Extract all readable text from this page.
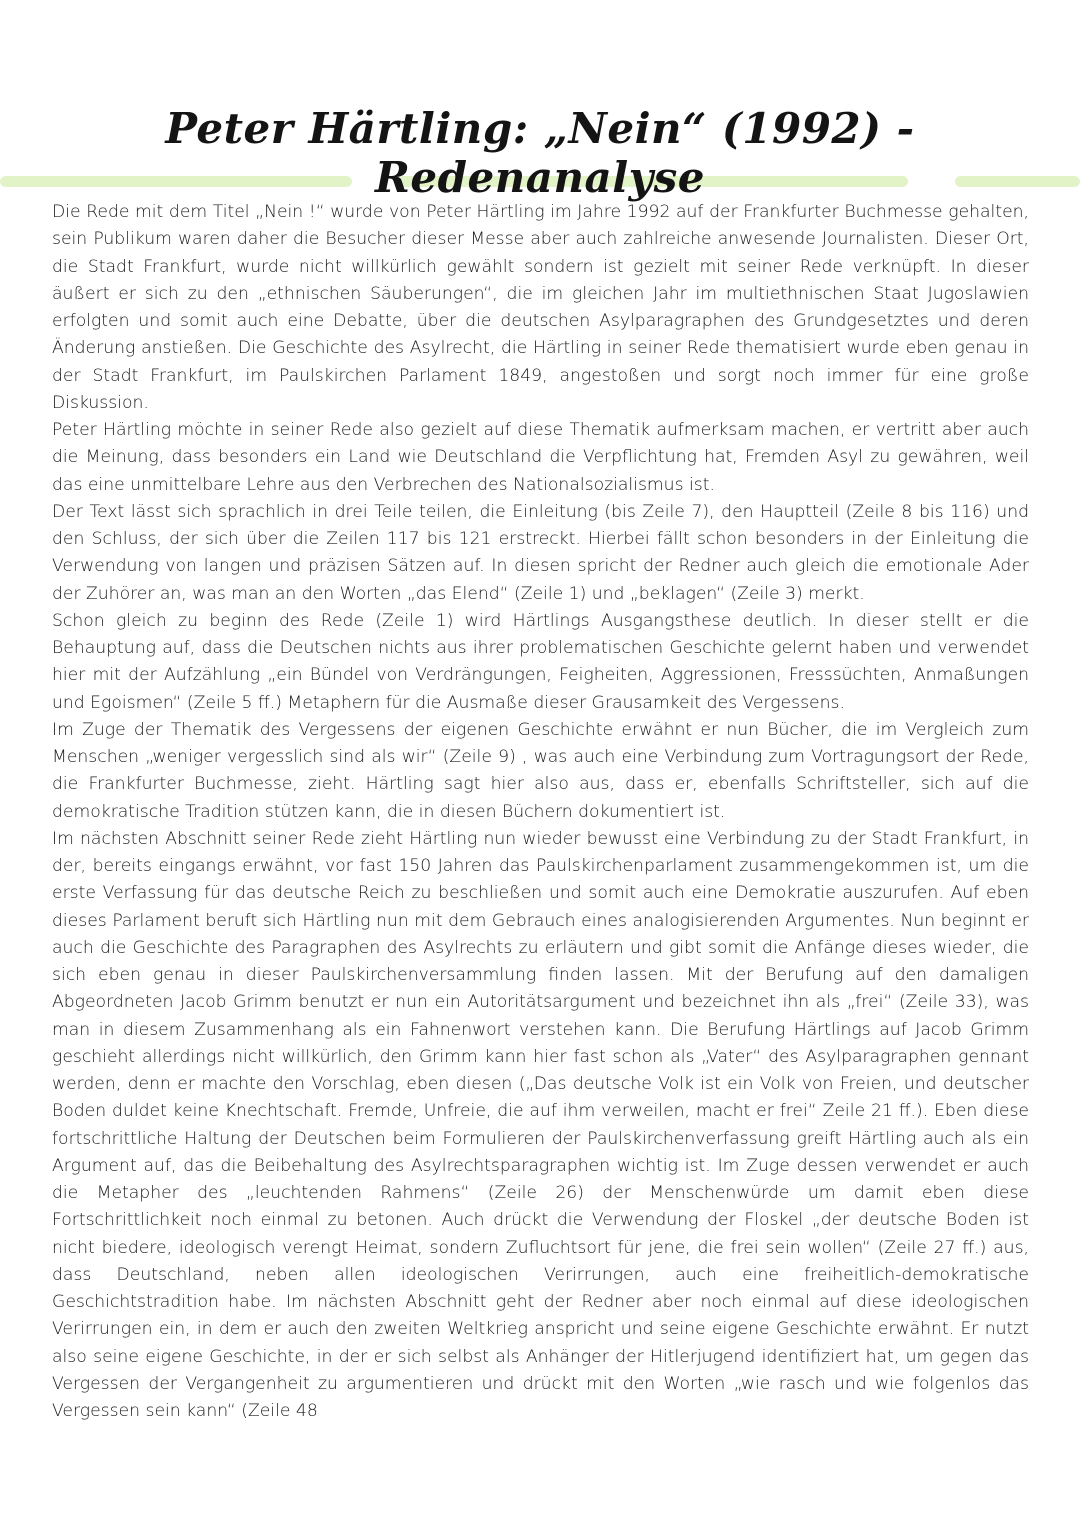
Peter Härtling: „Nein“ (1992) - Redenanalyse

Die Rede mit dem Titel „Nein !“ wurde von Peter Härtling im Jahre 1992 auf der Frankfurter Buchmesse gehalten, sein Publikum waren daher die Besucher dieser Messe aber auch zahlreiche anwesende Journalisten. Dieser Ort, die Stadt Frankfurt, wurde nicht willkürlich gewählt sondern ist gezielt mit seiner Rede verknüpft. In dieser äußert er sich zu den „ethnischen Säuberungen“, die im gleichen Jahr im multiethnischen Staat Jugoslawien erfolgten und somit auch eine Debatte, über die deutschen Asylparagraphen des Grundgesetztes und deren Änderung anstießen. Die Geschichte des Asylrecht, die Härtling in seiner Rede thematisiert wurde eben genau in der Stadt Frankfurt, im Paulskirchen Parlament 1849, angestoßen und sorgt noch immer für eine große Diskussion.

Peter Härtling möchte in seiner Rede also gezielt auf diese Thematik aufmerksam machen, er vertritt aber auch die Meinung, dass besonders ein Land wie Deutschland die Verpflichtung hat, Fremden Asyl zu gewähren, weil das eine unmittelbare Lehre aus den Verbrechen des Nationalsozialismus ist.

Der Text lässt sich sprachlich in drei Teile teilen, die Einleitung (bis Zeile 7), den Hauptteil (Zeile 8 bis 116) und den Schluss, der sich über die Zeilen 117 bis 121 erstreckt. Hierbei fällt schon besonders in der Einleitung die Verwendung von langen und präzisen Sätzen auf. In diesen spricht der Redner auch gleich die emotionale Ader der Zuhörer an, was man an den Worten „das Elend“ (Zeile 1) und „beklagen“ (Zeile 3) merkt.

Schon gleich zu beginn des Rede (Zeile 1) wird Härtlings Ausgangsthese deutlich. In dieser stellt er die Behauptung auf, dass die Deutschen nichts aus ihrer problematischen Geschichte gelernt haben und verwendet hier mit der Aufzählung „ein Bündel von Verdrängungen, Feigheiten, Aggressionen, Fresssüchten, Anmaßungen und Egoismen“ (Zeile 5 ff.) Metaphern für die Ausmaße dieser Grausamkeit des Vergessens.

Im Zuge der Thematik des Vergessens der eigenen Geschichte erwähnt er nun Bücher, die im Vergleich zum Menschen „weniger vergesslich sind als wir“ (Zeile 9) , was auch eine Verbindung zum Vortragungsort der Rede, die Frankfurter Buchmesse, zieht. Härtling sagt hier also aus, dass er, ebenfalls Schriftsteller, sich auf die demokratische Tradition stützen kann, die in diesen Büchern dokumentiert ist.

Im nächsten Abschnitt seiner Rede zieht Härtling nun wieder bewusst eine Verbindung zu der Stadt Frankfurt, in der, bereits eingangs erwähnt, vor fast 150 Jahren das Paulskirchenparlament zusammengekommen ist, um die erste Verfassung für das deutsche Reich zu beschließen und somit auch eine Demokratie auszurufen. Auf eben dieses Parlament beruft sich Härtling nun mit dem Gebrauch eines analogisierenden Argumentes. Nun beginnt er auch die Geschichte des Paragraphen des Asylrechts zu erläutern und gibt somit die Anfänge dieses wieder, die sich eben genau in dieser Paulskirchenversammlung finden lassen. Mit der Berufung auf den damaligen Abgeordneten Jacob Grimm benutzt er nun ein Autoritätsargument und bezeichnet ihn als „frei“ (Zeile 33), was man in diesem Zusammenhang als ein Fahnenwort verstehen kann. Die Berufung Härtlings auf Jacob Grimm geschieht allerdings nicht willkürlich, den Grimm kann hier fast schon als „Vater“ des Asylparagraphen gennant werden, denn er machte den Vorschlag, eben diesen („Das deutsche Volk ist ein Volk von Freien, und deutscher Boden duldet keine Knechtschaft. Fremde, Unfreie, die auf ihm verweilen, macht er frei“ Zeile 21 ff.). Eben diese fortschrittliche Haltung der Deutschen beim Formulieren der Paulskirchenverfassung greift Härtling auch als ein Argument auf, das die Beibehaltung des Asylrechtsparagraphen wichtig ist. Im Zuge dessen verwendet er auch die Metapher des „leuchtenden Rahmens“ (Zeile 26) der Menschenwürde um damit eben diese Fortschrittlichkeit noch einmal zu betonen. Auch drückt die Verwendung der Floskel „der deutsche Boden ist nicht biedere, ideologisch verengt Heimat, sondern Zufluchtsort für jene, die frei sein wollen“ (Zeile 27 ff.) aus, dass Deutschland, neben allen ideologischen Verirrungen, auch eine freiheitlich-demokratische Geschichtstradition habe. Im nächsten Abschnitt geht der Redner aber noch einmal auf diese ideologischen Verirrungen ein, in dem er auch den zweiten Weltkrieg anspricht und seine eigene Geschichte erwähnt. Er nutzt also seine eigene Geschichte, in der er sich selbst als Anhänger der Hitlerjugend identifiziert hat, um gegen das Vergessen der Vergangenheit zu argumentieren und drückt mit den Worten „wie rasch und wie folgenlos das Vergessen sein kann“ (Zeile 48
